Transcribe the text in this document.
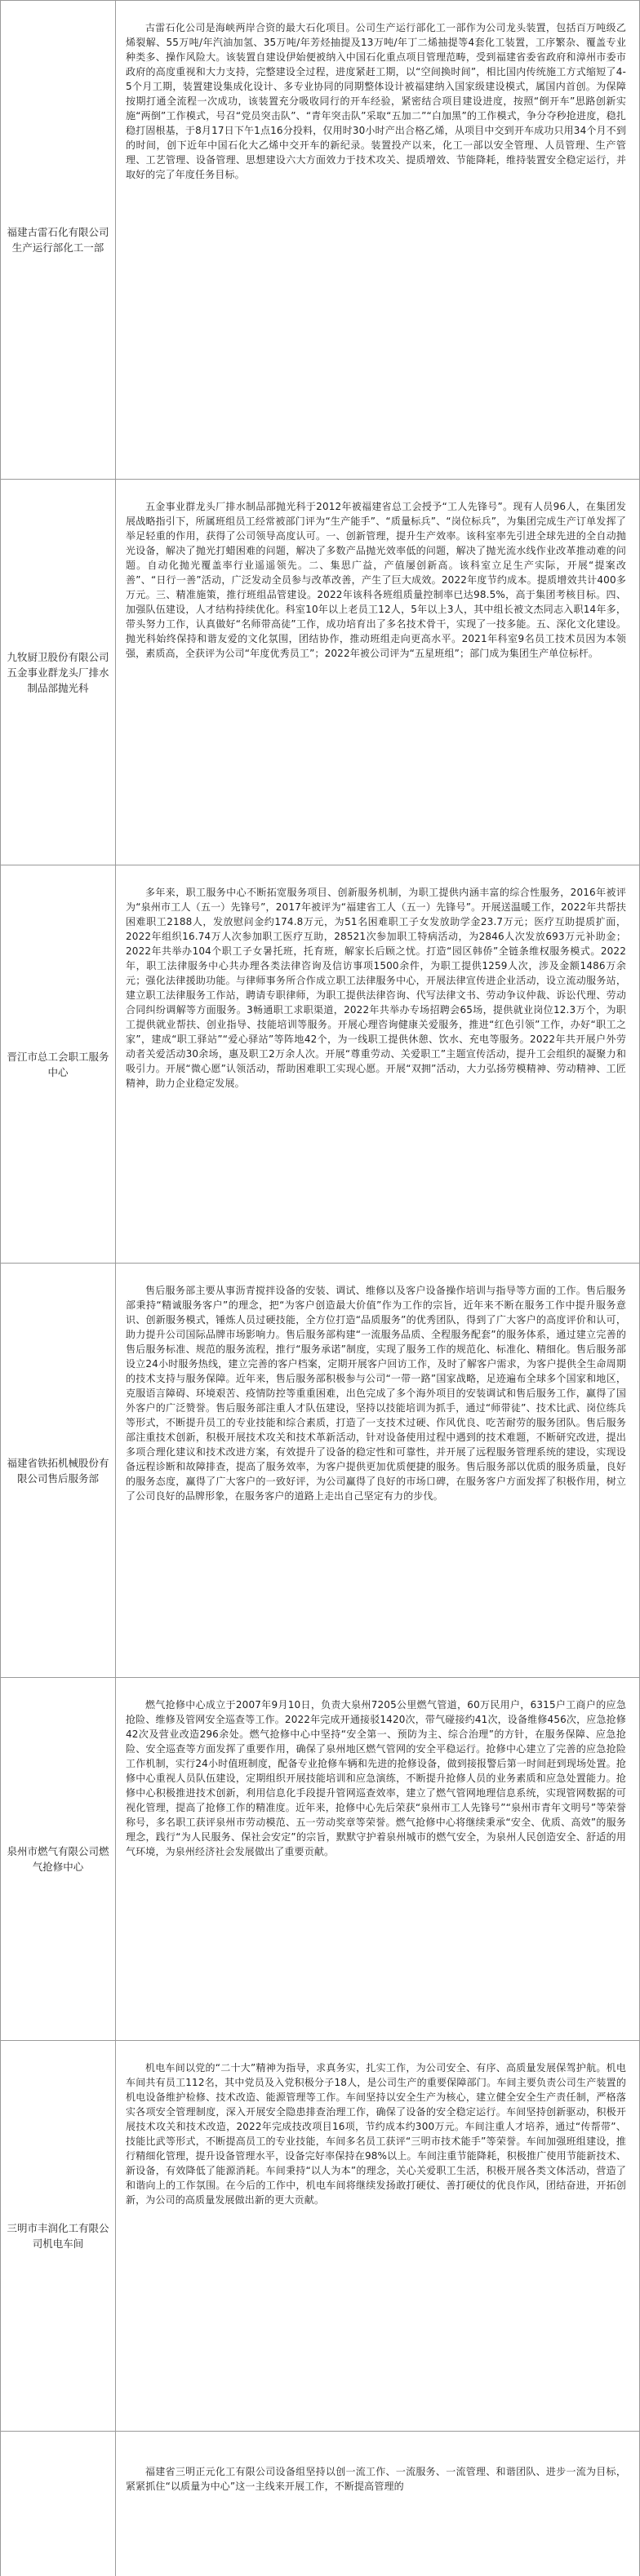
福建古雷石化有限公司生产运行部化工一部

古雷石化公司是海峡两岸合资的最大石化项目。公司生产运行部化工一部作为公司龙头装置，包括百万吨级乙烯裂解、55万吨/年汽油加氢、35万吨/年芳烃抽提及13万吨/年丁二烯抽提等4套化工装置，工序繁杂、覆盖专业种类多、操作风险大。该装置自建设伊始便被纳入中国石化重点项目管理范畴，受到福建省委省政府和漳州市委市政府的高度重视和大力支持，完整建设全过程，进度紧赶工期，以“空间换时间”，相比国内传统施工方式缩短了4-5个月工期，装置建设集成化设计、多专业协同的同期整体设计被福建纳入国家级建设模式，属国内首创。为保障按期打通全流程一次成功，该装置充分吸收同行的开车经验，紧密结合项目建设进度，按照“倒开车”思路创新实施“两倒”工作模式，号召“党员突击队”、“青年突击队”采取“五加二”“白加黑”的工作模式，争分夺秒抢进度，稳扎稳打固根基，于8月17日下午1点16分投料，仅用时30小时产出合格乙烯，从项目中交到开车成功只用34个月不到的时间，创下近年中国石化大乙烯中交开车的新纪录。装置投产以来，化工一部以安全管理、人员管理、生产管理、工艺管理、设备管理、思想建设六大方面效力于技术攻关、提质增效、节能降耗，维持装置安全稳定运行，并取好的完了年度任务目标。

九牧厨卫股份有限公司五金事业群龙头厂排水制品部抛光科

五金事业群龙头厂排水制品部抛光科于2012年被福建省总工会授予“工人先锋号”。现有人员96人，在集团发展战略指引下，所属班组员工经常被部门评为“生产能手”、“质量标兵”、“岗位标兵”，为集团完成生产订单发挥了举足轻重的作用，获得了公司领导高度认可。一、创新管理，提升生产效率。该科室率先引进全球先进的全自动抛光设备，解决了抛光打蜡困难的问题，解决了多数产品抛光效率低的问题，解决了抛光流水线作业改革推动难的问题。自动化抛光覆盖率行业遥遥领先。二、集思广益，产值屡创新高。该科室立足生产实际，开展“提案改善”、“日行一善”活动，广泛发动全员参与改革改善，产生了巨大成效。2022年度节约成本。提质增效共计400多万元。三、精准施策，推行班组品管建设。2022年该科各班组质量控制率已达98.5%，高于集团考核目标。四、加强队伍建设，人才结构持续优化。科室10年以上老员工12人，5年以上3人，其中组长被文杰同志入职14年多，带头努力工作，认真做好“名师带高徒”工作，成功培育出了多名技术骨干，实现了一技多能。五、深化文化建设。抛光科始终保持和谐友爱的文化氛围，团结协作，推动班组走向更高水平。2021年科室9名员工技术员因为本领强，素质高，全获评为公司“年度优秀员工”；2022年被公司评为“五星班组”；部门成为集团生产单位标杆。

晋江市总工会职工服务中心

多年来，职工服务中心不断拓宽服务项目、创新服务机制，为职工提供内涵丰富的综合性服务，2016年被评为“泉州市工人（五一）先锋号”，2017年被评为“福建省工人（五一）先锋号”。开展送温暖工作，2022年共帮扶困难职工2188人，发放慰问金约174.8万元，为51名困难职工子女发放助学金23.7万元；医疗互助提质扩面，2022年组织16.74万人次参加职工医疗互助，28521次参加职工特病活动，为2846人次发放693万元补助金；2022年共举办104个职工子女暑托班，托育班，解家长后顾之忧。打造“园区韩侨”全链条维权服务模式。2022年，职工法律服务中心共办理各类法律咨询及信访事项1500余件，为职工提供1259人次，涉及金额1486万余元；强化法律援助功能。与律师事务所合作成立职工法律服务中心，开展法律宣传进企业活动，设立流动服务站，建立职工法律服务工作站，聘请专职律师，为职工提供法律咨询、代写法律文书、劳动争议仲裁、诉讼代理、劳动合同纠纷调解等方面服务。3畅通职工求职渠道，2022年共举办专场招聘会65场，提供就业岗位12.3万个，为职工提供就业帮扶、创业指导、技能培训等服务。开展心理咨询健康关爱服务，推进“红色引领”工作，办好“职工之家”，建成“职工驿站”“爱心驿站”等阵地42个，为一线职工提供休憩、饮水、充电等服务。2022年共开展户外劳动者关爱活动30余场，惠及职工2万余人次。开展“尊重劳动、关爱职工”主题宣传活动，提升工会组织的凝聚力和吸引力。开展“微心愿”认领活动，帮助困难职工实现心愿。开展“双拥”活动，大力弘扬劳模精神、劳动精神、工匠精神，助力企业稳定发展。

福建省铁拓机械股份有限公司售后服务部

售后服务部主要从事沥青搅拌设备的安装、调试、维修以及客户设备操作培训与指导等方面的工作。售后服务部秉持“精诚服务客户”的理念，把“为客户创造最大价值”作为工作的宗旨，近年来不断在服务工作中提升服务意识、创新服务模式，锤炼人员过硬技能，全方位打造“品质服务”的优秀团队，得到了广大客户的高度评价和认可，助力提升公司国际品牌市场影响力。售后服务部构建“一流服务品质、全程服务配套”的服务体系，通过建立完善的售后服务标准、规范的服务流程，推行“服务承诺”制度，实现了服务工作的规范化、标准化、精细化。售后服务部设立24小时服务热线，建立完善的客户档案，定期开展客户回访工作，及时了解客户需求，为客户提供全生命周期的技术支持与服务保障。近年来，售后服务部积极参与公司“一带一路”国家战略，足迹遍布全球多个国家和地区，克服语言障碍、环境艰苦、疫情防控等重重困难，出色完成了多个海外项目的安装调试和售后服务工作，赢得了国外客户的广泛赞誉。售后服务部注重人才队伍建设，坚持以技能培训为抓手，通过“师带徒”、技术比武、岗位练兵等形式，不断提升员工的专业技能和综合素质，打造了一支技术过硬、作风优良、吃苦耐劳的服务团队。售后服务部注重技术创新，积极开展技术攻关和技术革新活动，针对设备使用过程中遇到的技术难题，不断研究改进，提出多项合理化建议和技术改进方案，有效提升了设备的稳定性和可靠性，并开展了远程服务管理系统的建设，实现设备远程诊断和故障排查，提高了服务效率，为客户提供更加优质便捷的服务。售后服务部以优质的服务质量，良好的服务态度，赢得了广大客户的一致好评，为公司赢得了良好的市场口碑，在服务客户方面发挥了积极作用，树立了公司良好的品牌形象，在服务客户的道路上走出自己坚定有力的步伐。

泉州市燃气有限公司燃气抢修中心

燃气抢修中心成立于2007年9月10日，负责大泉州7205公里燃气管道，60万民用户，6315户工商户的应急抢险、维修及管网安全巡查等工作。2022年完成开通接驳1420次，带气碰接约41次，设备维修456次，应急抢修42次及营业改造296余处。燃气抢修中心中坚持“安全第一、预防为主、综合治理”的方针，在服务保障、应急抢险、安全巡查等方面发挥了重要作用，确保了泉州地区燃气管网的安全平稳运行。抢修中心建立了完善的应急抢险工作机制，实行24小时值班制度，配备专业抢修车辆和先进的抢修设备，做到接报警后第一时间赶到现场处置。抢修中心重视人员队伍建设，定期组织开展技能培训和应急演练，不断提升抢修人员的业务素质和应急处置能力。抢修中心积极推进技术创新，利用信息化手段提升管网巡查效率，建立了燃气管网地理信息系统，实现管网数据的可视化管理，提高了抢修工作的精准度。近年来，抢修中心先后荣获“泉州市工人先锋号”“泉州市青年文明号”等荣誉称号，多名职工获评泉州市劳动模范、五一劳动奖章等荣誉。燃气抢修中心将继续秉承“安全、优质、高效”的服务理念，践行“为人民服务、保社会安定”的宗旨，默默守护着泉州城市的燃气安全，为泉州人民创造安全、舒适的用气环境，为泉州经济社会发展做出了重要贡献。

三明市丰润化工有限公司机电车间

机电车间以党的“二十大”精神为指导，求真务实，扎实工作，为公司安全、有序、高质量发展保驾护航。机电车间共有员工112名，其中党员及入党积极分子18人，是公司生产的重要保障部门。车间主要负责公司生产装置的机电设备维护检修、技术改造、能源管理等工作。车间坚持以安全生产为核心，建立健全安全生产责任制，严格落实各项安全管理制度，深入开展安全隐患排查治理工作，确保了设备的安全稳定运行。车间坚持创新驱动，积极开展技术攻关和技术改造，2022年完成技改项目16项，节约成本约300万元。车间注重人才培养，通过“传帮带”、技能比武等形式，不断提高员工的专业技能，车间多名员工获评“三明市技术能手”等荣誉。车间加强班组建设，推行精细化管理，提升设备管理水平，设备完好率保持在98%以上。车间注重节能降耗，积极推广使用节能新技术、新设备，有效降低了能源消耗。车间秉持“以人为本”的理念，关心关爱职工生活，积极开展各类文体活动，营造了和谐向上的工作氛围。在今后的工作中，机电车间将继续发扬敢打硬仗、善打硬仗的优良作风，团结奋进，开拓创新，为公司的高质量发展做出新的更大贡献。

福建省三明正元化工有限公司设备组坚持以创一流工作、一流服务、一流管理、和谐团队、进步一流为目标，紧紧抓住“以质量为中心”这一主线来开展工作，不断提高管理的
